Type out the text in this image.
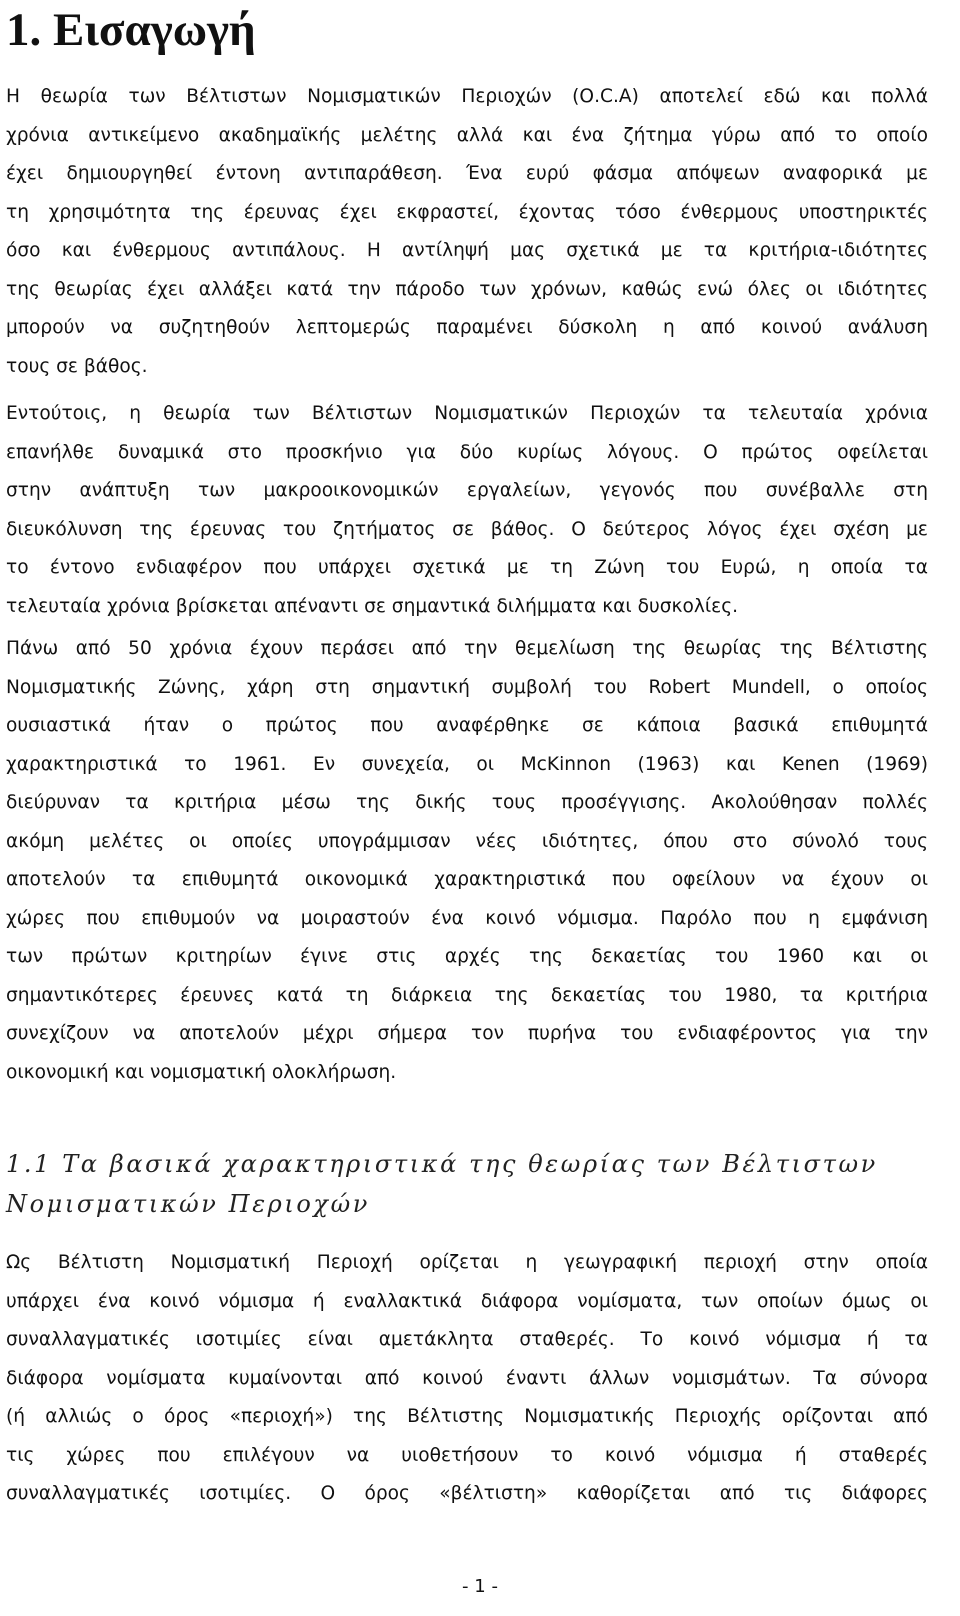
1. Εισαγωγή

Η θεωρία των Βέλτιστων Νομισματικών Περιοχών (Ο.C.A) αποτελεί εδώ και πολλά
χρόνια αντικείμενο ακαδημαϊκής μελέτης αλλά και ένα ζήτημα γύρω από το οποίο
έχει δημιουργηθεί έντονη αντιπαράθεση. Ένα ευρύ φάσμα απόψεων αναφορικά με
τη χρησιμότητα της έρευνας έχει εκφραστεί, έχοντας τόσο ένθερμους υποστηρικτές
όσο και ένθερμους αντιπάλους. Η αντίληψή μας σχετικά με τα κριτήρια-ιδιότητες
της θεωρίας έχει αλλάξει κατά την πάροδο των χρόνων, καθώς ενώ όλες οι ιδιότητες
μπορούν να συζητηθούν λεπτομερώς παραμένει δύσκολη η από κοινού ανάλυση
τους σε βάθος.

Εντούτοις, η θεωρία των Βέλτιστων Νομισματικών Περιοχών τα τελευταία χρόνια
επανήλθε δυναμικά στο προσκήνιο για δύο κυρίως λόγους. Ο πρώτος οφείλεται
στην ανάπτυξη των μακροοικονομικών εργαλείων, γεγονός που συνέβαλλε στη
διευκόλυνση της έρευνας του ζητήματος σε βάθος. Ο δεύτερος λόγος έχει σχέση με
το έντονο ενδιαφέρον που υπάρχει σχετικά με τη Ζώνη του Ευρώ, η οποία τα
τελευταία χρόνια βρίσκεται απέναντι σε σημαντικά διλήμματα και δυσκολίες.

Πάνω από 50 χρόνια έχουν περάσει από την θεμελίωση της θεωρίας της Βέλτιστης
Νομισματικής Ζώνης, χάρη στη σημαντική συμβολή του Robert Mundell, ο οποίος
ουσιαστικά ήταν ο πρώτος που αναφέρθηκε σε κάποια βασικά επιθυμητά
χαρακτηριστικά το 1961. Εν συνεχεία, οι McKinnon (1963) και Kenen (1969)
διεύρυναν τα κριτήρια μέσω της δικής τους προσέγγισης. Ακολούθησαν πολλές
ακόμη μελέτες οι οποίες υπογράμμισαν νέες ιδιότητες, όπου στο σύνολό τους
αποτελούν τα επιθυμητά οικονομικά χαρακτηριστικά που οφείλουν να έχουν οι
χώρες που επιθυμούν να μοιραστούν ένα κοινό νόμισμα. Παρόλο που η εμφάνιση
των πρώτων κριτηρίων έγινε στις αρχές της δεκαετίας του 1960 και οι
σημαντικότερες έρευνες κατά τη διάρκεια της δεκαετίας του 1980, τα κριτήρια
συνεχίζουν να αποτελούν μέχρι σήμερα τον πυρήνα του ενδιαφέροντος για την
οικονομική και νομισματική ολοκλήρωση.

1.1 Τα βασικά χαρακτηριστικά της θεωρίας των Βέλτιστων
Νομισματικών Περιοχών

Ως Βέλτιστη Νομισματική Περιοχή ορίζεται η γεωγραφική περιοχή στην οποία
υπάρχει ένα κοινό νόμισμα ή εναλλακτικά διάφορα νομίσματα, των οποίων όμως οι
συναλλαγματικές ισοτιμίες είναι αμετάκλητα σταθερές. Το κοινό νόμισμα ή τα
διάφορα νομίσματα κυμαίνονται από κοινού έναντι άλλων νομισμάτων. Τα σύνορα
(ή αλλιώς ο όρος «περιοχή») της Βέλτιστης Νομισματικής Περιοχής ορίζονται από
τις χώρες που επιλέγουν να υιοθετήσουν το κοινό νόμισμα ή σταθερές
συναλλαγματικές ισοτιμίες. Ο όρος «βέλτιστη» καθορίζεται από τις διάφορες

- 1 -
